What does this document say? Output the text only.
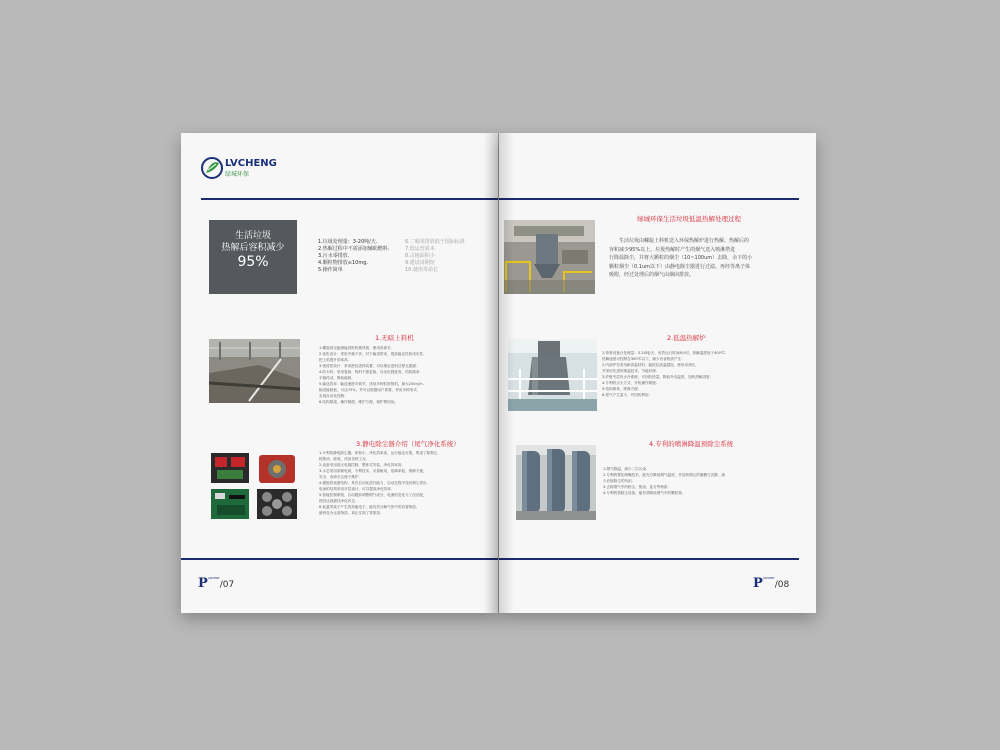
LVCHENG
绿城环保
生活垃圾
热解后容积减少
95%
1.垃圾处理量：3-20吨/天.
2.热解过程中不需添加辅助燃料.
3.污水零排放.
4.颗粒物排放≤10mg.
5.操作简单
6.二噁英排放低于国际标准
7.低运营成本.
8.占地面积小
9.建设周期短
10.使用寿命长
1.无暗上料机
1.螺旋真完能储能进料机械风格，使用寿命长.
2.优化设计：采用中频千伏，对于输送带来，提高稳定性和适应性.
把上料提升效率高.
3.密封性设计：采用密封进料装置，可以保证进料过程无泄漏.
4.防卡料：采用卷扬、物料不需更换、自动化程度高，结构简单.
平稳传动，降低能耗.
5.输送效率：输送速度可调节，适用多种粒度物料，最大240㎡/h.
输送能耗低，可达75%，并可以根据用户需要，采用多种形式.
实现自动化控制.
6.结构紧凑，操作简便，维护方便，保护费用低。
3.静电除尘器介绍（尾气净化系统）
1.专利的静电除尘器，体积小，净化效率高，运行稳定可靠，集成了除烟尘、
除焦油、除臭，适用各种工况.
2.设备采用高压电源控制，整体式安装，净化效率高.
3.水芯采用高频电源，专利技术，可靠耐用，故障率低，维修方便，
安全，寿命长且便于维护.
4.极板的表面结构，具有自动化清扫能力，启动过程中没有烟尘冒出.
电场的结构采用多层设计，可以提高净化效率.
5.智能控制系统，自动跟踪调整烟气成分，电流的变化与工况匹配，
使其达到最佳净化状态.
6.低温等离子产生的高能电子，能有效分解气体中的有害物质，
最终变为无害物质，真正实现了零排放.
$P^{ADVERT}/07$
绿城环保生活垃圾低温热解处理过程
生活垃圾由螺旋上料机送入环保热解炉进行热解。热解后的
容积减少95%以上。垃圾热解时产生的烟气送入喷淋塔进
行降温除尘，并将大颗粒的烟尘（10~100um）去除，余下的小
颗粒烟尘（0.1um以下）由静电除尘器进行过滤。再经等离子体
吸附，经过处理后的烟气由烟囱排放。
2.低温热解炉
1.每套设备日处理量：3-20吨/天，有效运行时间8小时，热解温度低于400℃.
热解速度可控制在300℃以下，减少有害物质产生.
2.内部炉衬采用耐高温材料，能抵抗高温腐蚀，使用寿命长，
并采用先进的保温技术，节能环保.
3.炉壁夹层有水冷系统，可回收热量，降低外壳温度，加快热解进度.
4.专利的点火方式，开机操作简便.
5.结构简单，维修方便.
6.尾气产生量少，并回收利用.
4.专利的喷淋降温预除尘系统
1.烟气降温，减少二次污染.
2.专利的雾化喷嘴技术，能充分降低烟气温度，并加快烟尘的凝聚与沉降，减
少后续除尘的负担.
3.去除烟气中的粉尘、焦油、盐分等物质.
4.专利的预除尘设备，能有效降低烟气中的颗粒物.
$P^{ADVERT}/08$
